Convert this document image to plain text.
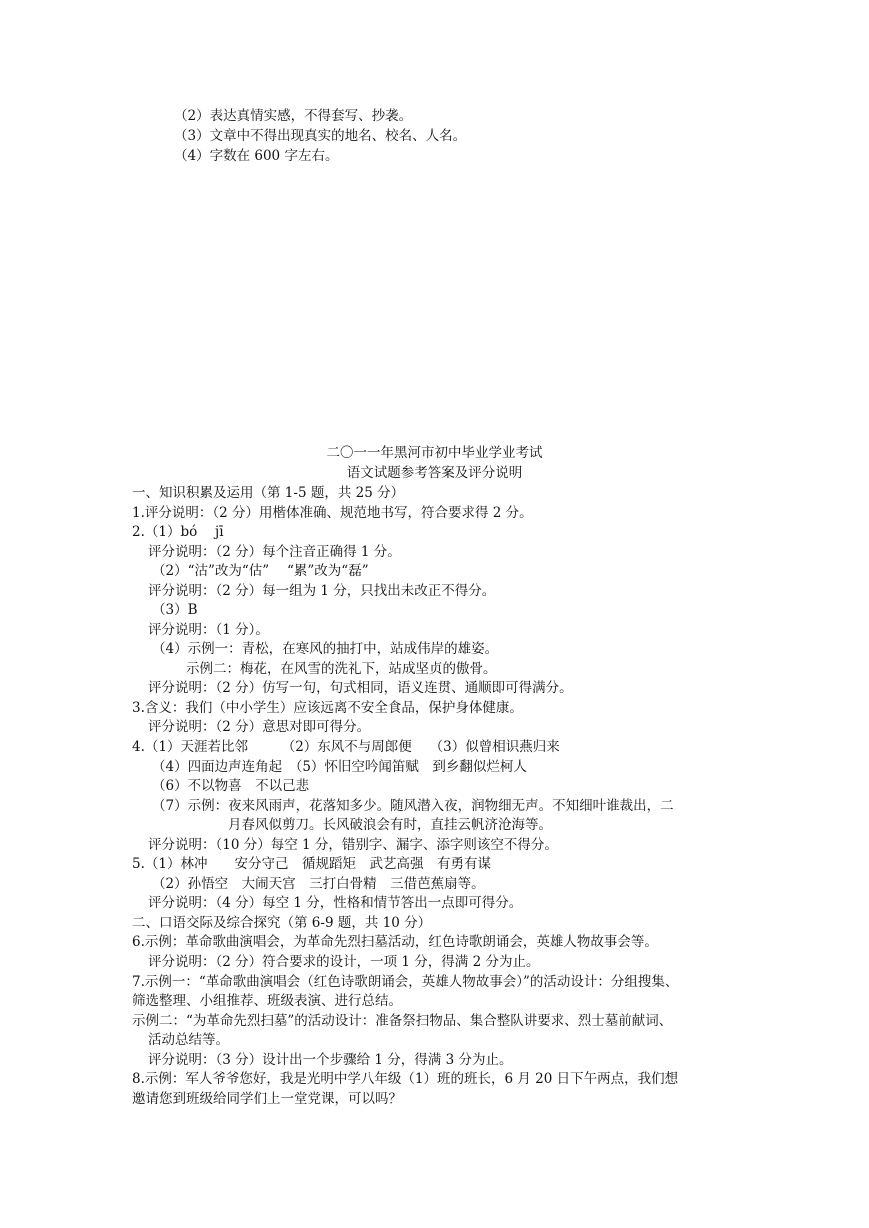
（2）表达真情实感，不得套写、抄袭。
（3）文章中不得出现真实的地名、校名、人名。
（4）字数在 600 字左右。
二〇一一年黑河市初中毕业学业考试
语文试题参考答案及评分说明
一、知识积累及运用（第 1-5 题，共 25 分）
1.评分说明：（2 分）用楷体准确、规范地书写，符合要求得 2 分。
2.（1）bó　 jī
评分说明：（2 分）每个注音正确得 1 分。
（2）“沽”改为“估”　 “累”改为“磊”
评分说明：（2 分）每一组为 1 分，只找出未改正不得分。
（3）B
评分说明：（1 分）。
（4）示例一：青松，在寒风的抽打中，站成伟岸的雄姿。
示例二：梅花，在风雪的洗礼下，站成坚贞的傲骨。
评分说明：（2 分）仿写一句，句式相同，语义连贯、通顺即可得满分。
3.含义：我们（中小学生）应该远离不安全食品，保护身体健康。
评分说明：（2 分）意思对即可得分。
4.（1）天涯若比邻　　　（2）东风不与周郎便　 （3）似曾相识燕归来
（4）四面边声连角起　（5）怀旧空吟闻笛赋　到乡翻似烂柯人
（6）不以物喜　不以己悲
（7）示例：夜来风雨声，花落知多少。随风潜入夜，润物细无声。不知细叶谁裁出，二
月春风似剪刀。长风破浪会有时，直挂云帆济沧海等。
评分说明：（10 分）每空 1 分，错别字、漏字、添字则该空不得分。
5.（1）林冲　　安分守己　循规蹈矩　武艺高强　有勇有谋
（2）孙悟空　大闹天宫　三打白骨精　三借芭蕉扇等。
评分说明：（4 分）每空 1 分，性格和情节答出一点即可得分。
二、口语交际及综合探究（第 6-9 题，共 10 分）
6.示例：革命歌曲演唱会，为革命先烈扫墓活动，红色诗歌朗诵会，英雄人物故事会等。
评分说明：（2 分）符合要求的设计，一项 1 分，得满 2 分为止。
7.示例一：“革命歌曲演唱会（红色诗歌朗诵会，英雄人物故事会）”的活动设计：分组搜集、
筛选整理、小组推荐、班级表演、进行总结。
示例二：“为革命先烈扫墓”的活动设计：准备祭扫物品、集合整队讲要求、烈士墓前献词、
活动总结等。
评分说明：（3 分）设计出一个步骤给 1 分，得满 3 分为止。
8.示例：军人爷爷您好，我是光明中学八年级（1）班的班长，6 月 20 日下午两点，我们想
邀请您到班级给同学们上一堂党课，可以吗？
